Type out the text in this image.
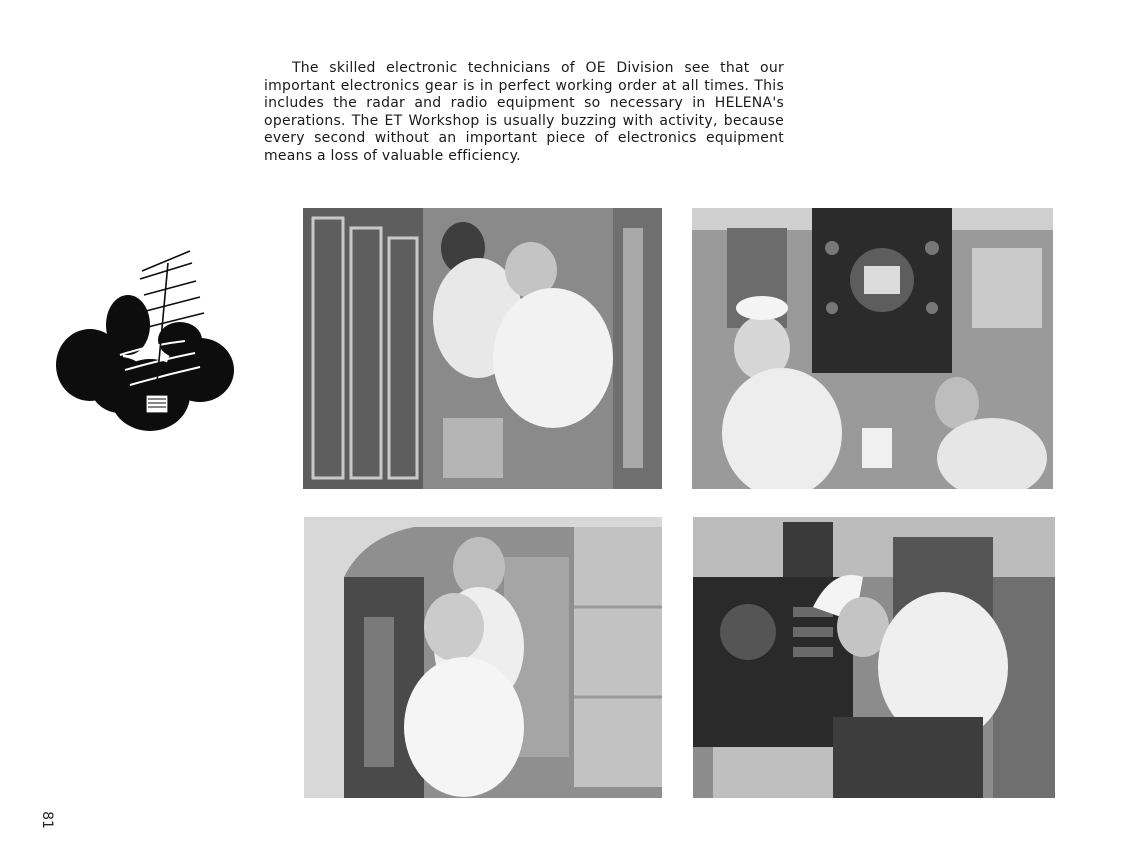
The skilled electronic technicians of OE Division see that our important electronics gear is in perfect working order at all times. This includes the radar and radio equipment so necessary in HELENA's operations. The ET Workshop is usually buzzing with activity, because every second without an important piece of electronics equipment means a loss of valuable efficiency.

81
